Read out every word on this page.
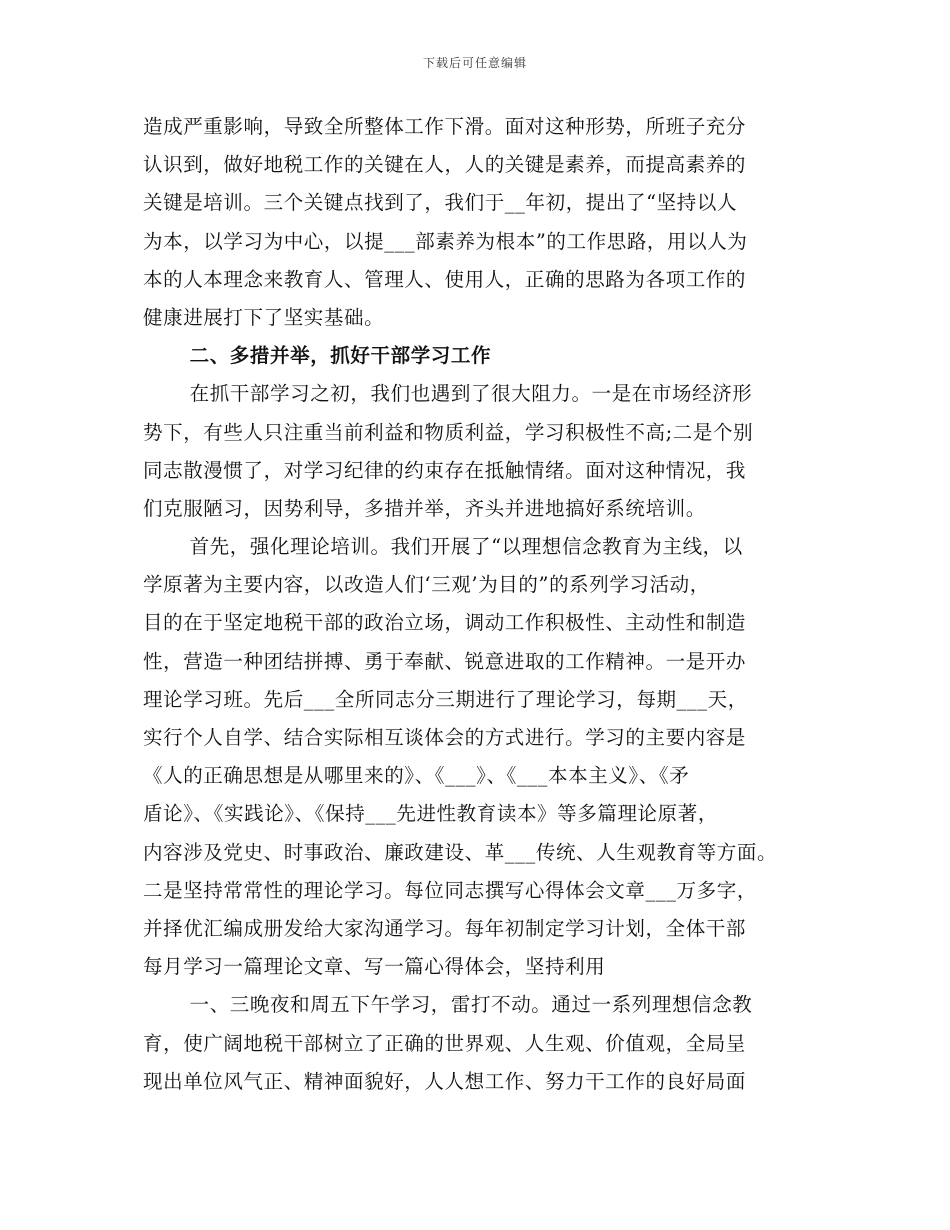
下载后可任意编辑
造成严重影响，导致全所整体工作下滑。面对这种形势，所班子充分
认识到，做好地税工作的关键在人，人的关键是素养，而提高素养的
关键是培训。三个关键点找到了，我们于__年初，提出了“坚持以人
为本，以学习为中心，以提___部素养为根本”的工作思路，用以人为
本的人本理念来教育人、管理人、使用人，正确的思路为各项工作的
健康进展打下了坚实基础。
二、多措并举，抓好干部学习工作
在抓干部学习之初，我们也遇到了很大阻力。一是在市场经济形
势下，有些人只注重当前利益和物质利益，学习积极性不高;二是个别
同志散漫惯了，对学习纪律的约束存在抵触情绪。面对这种情况，我
们克服陋习，因势利导，多措并举，齐头并进地搞好系统培训。
首先，强化理论培训。我们开展了“以理想信念教育为主线，以
学原著为主要内容，以改造人们‘三观’为目的”的系列学习活动，
目的在于坚定地税干部的政治立场，调动工作积极性、主动性和制造
性，营造一种团结拼搏、勇于奉献、锐意进取的工作精神。一是开办
理论学习班。先后___全所同志分三期进行了理论学习，每期___天，
实行个人自学、结合实际相互谈体会的方式进行。学习的主要内容是
《人的正确思想是从哪里来的》、《___》、《___本本主义》、《矛
盾论》、《实践论》、《保持___先进性教育读本》等多篇理论原著，
内容涉及党史、时事政治、廉政建设、革___传统、人生观教育等方面。
二是坚持常常性的理论学习。每位同志撰写心得体会文章___万多字，
并择优汇编成册发给大家沟通学习。每年初制定学习计划，全体干部
每月学习一篇理论文章、写一篇心得体会，坚持利用
一、三晚夜和周五下午学习，雷打不动。通过一系列理想信念教
育，使广阔地税干部树立了正确的世界观、人生观、价值观，全局呈
现出单位风气正、精神面貌好，人人想工作、努力干工作的良好局面
